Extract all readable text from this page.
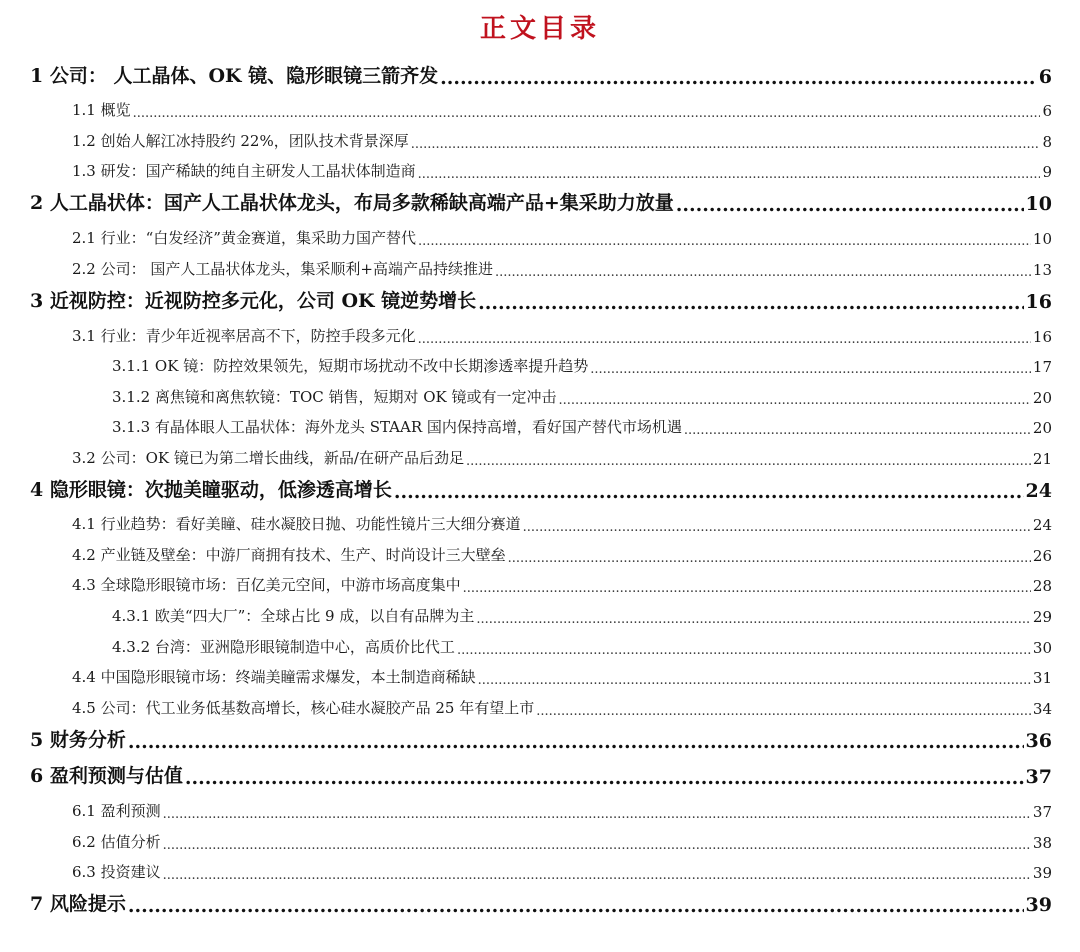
正文目录
1 公司： 人工晶体、OK 镜、隐形眼镜三箭齐发 .....	6
1.1 概览 .....	6
1.2 创始人解江冰持股约 22%，团队技术背景深厚 .....	8
1.3 研发：国产稀缺的纯自主研发人工晶状体制造商 .....	9
2 人工晶状体：国产人工晶状体龙头，布局多款稀缺高端产品+集采助力放量 .....	10
2.1 行业：“白发经济”黄金赛道，集采助力国产替代 .....	10
2.2 公司： 国产人工晶状体龙头，集采顺利+高端产品持续推进 .....	13
3 近视防控：近视防控多元化，公司 OK 镜逆势增长 .....	16
3.1 行业：青少年近视率居高不下，防控手段多元化 .....	16
3.1.1 OK 镜：防控效果领先，短期市场扰动不改中长期渗透率提升趋势 .....	17
3.1.2 离焦镜和离焦软镜：TOC 销售，短期对 OK 镜或有一定冲击 .....	20
3.1.3 有晶体眼人工晶状体：海外龙头 STAAR 国内保持高增，看好国产替代市场机遇 .....	20
3.2 公司：OK 镜已为第二增长曲线，新品/在研产品后劲足 .....	21
4 隐形眼镜：次抛美瞳驱动，低渗透高增长 .....	24
4.1 行业趋势：看好美瞳、硅水凝胶日抛、功能性镜片三大细分赛道 .....	24
4.2 产业链及壁垒：中游厂商拥有技术、生产、时尚设计三大壁垒 .....	26
4.3 全球隐形眼镜市场：百亿美元空间，中游市场高度集中 .....	28
4.3.1 欧美“四大厂”：全球占比 9 成，以自有品牌为主 .....	29
4.3.2 台湾：亚洲隐形眼镜制造中心，高质价比代工 .....	30
4.4 中国隐形眼镜市场：终端美瞳需求爆发，本土制造商稀缺 .....	31
4.5 公司：代工业务低基数高增长，核心硅水凝胶产品 25 年有望上市 .....	34
5 财务分析 .....	36
6 盈利预测与估值 .....	37
6.1 盈利预测 .....	37
6.2 估值分析 .....	38
6.3 投资建议 .....	39
7 风险提示 .....	39
